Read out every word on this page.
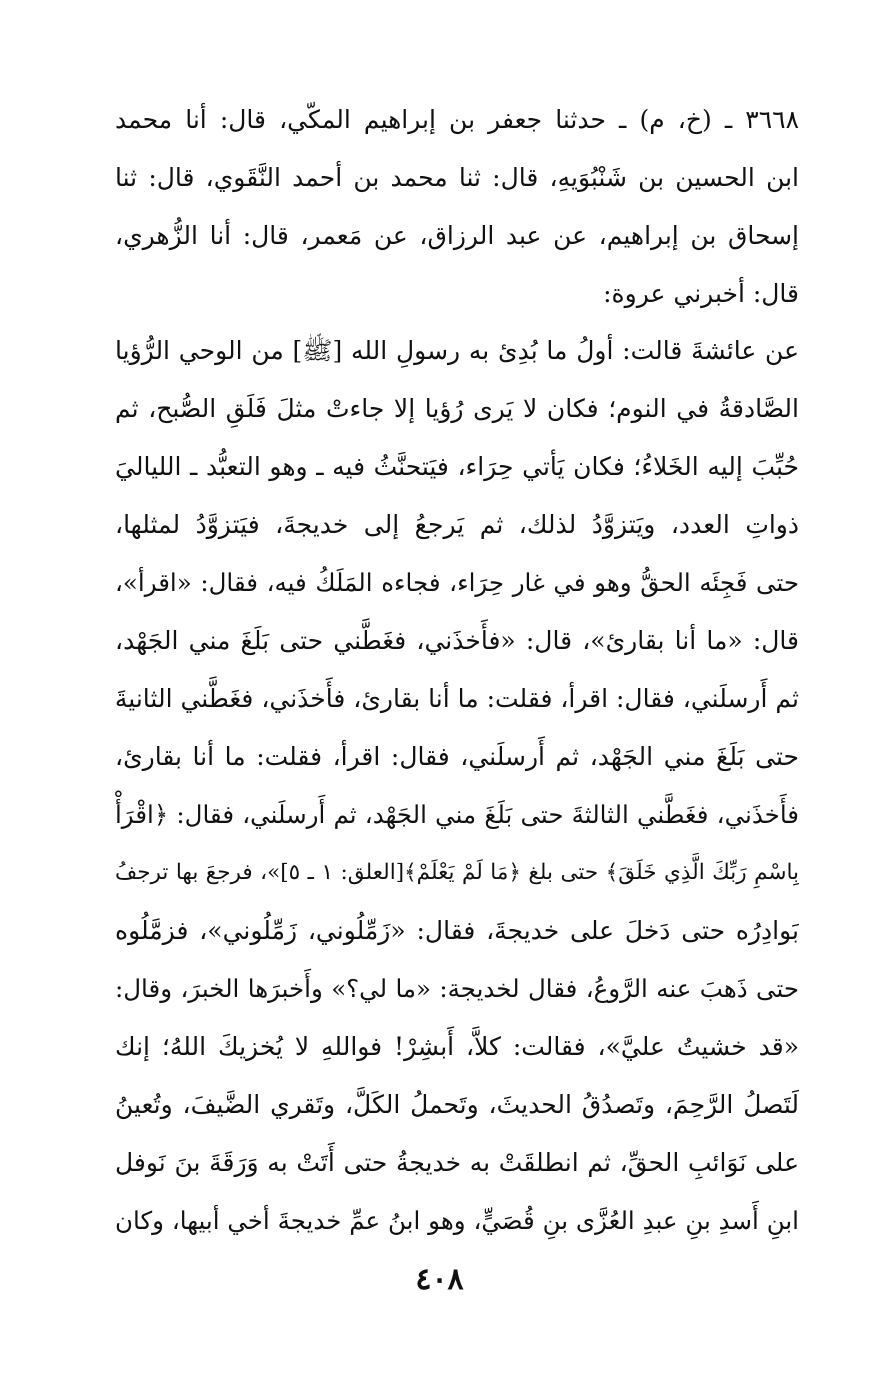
٣٦٦٨ ـ (خ، م) ـ حدثنا جعفر بن إبراهيم المكّي، قال: أنا محمد
ابن الحسين بن شَنْبُوَيهِ، قال: ثنا محمد بن أحمد النَّقَوي، قال: ثنا
إسحاق بن إبراهيم، عن عبد الرزاق، عن مَعمر، قال: أنا الزُّهري،
قال: أخبرني عروة:
عن عائشةَ قالت: أولُ ما بُدِئ به رسولِ الله [ﷺ] من الوحي الرُّؤيا
الصَّادقةُ في النوم؛ فكان لا يَرى رُؤيا إلا جاءتْ مثلَ فَلَقِ الصُّبح، ثم
حُبِّبَ إليه الخَلاءُ؛ فكان يَأتي حِرَاء، فيَتحنَّثُ فيه ـ وهو التعبُّد ـ اللياليَ
ذواتِ العدد، ويَتزوَّدُ لذلك، ثم يَرجعُ إلى خديجةَ، فيَتزوَّدُ لمثلها،
حتى فَجِئَه الحقُّ وهو في غار حِرَاء، فجاءه المَلَكُ فيه، فقال: «اقرأ»،
قال: «ما أنا بقارئ»، قال: «فأَخذَني، فغَطَّني حتى بَلَغَ مني الجَهْد،
ثم أَرسلَني، فقال: اقرأ، فقلت: ما أنا بقارئ، فأَخذَني، فغَطَّني الثانيةَ
حتى بَلَغَ مني الجَهْد، ثم أَرسلَني، فقال: اقرأ، فقلت: ما أنا بقارئ،
فأَخذَني، فغَطَّني الثالثةَ حتى بَلَغَ مني الجَهْد، ثم أَرسلَني، فقال: ﴿اقْرَأْ
بِاسْمِ رَبِّكَ الَّذِي خَلَقَ﴾ حتى بلغ ﴿مَا لَمْ يَعْلَمْ﴾[العلق: ١ ـ ٥]»، فرجعَ بها ترجفُ
بَوادِرُه حتى دَخلَ على خديجةَ، فقال: «زَمِّلُوني، زَمِّلُوني»، فزمَّلُوه
حتى ذَهبَ عنه الرَّوعُ، فقال لخديجة: «ما لي؟» وأَخبرَها الخبرَ، وقال:
«قد خشيتُ عليَّ»، فقالت: كلاَّ، أَبشِرْ! فواللهِ لا يُخزيكَ اللهُ؛ إنك
لَتَصلُ الرَّحِمَ، وتَصدُقُ الحديثَ، وتَحملُ الكَلَّ، وتَقري الضَّيفَ، وتُعينُ
على نَوَائبِ الحقِّ، ثم انطلقَتْ به خديجةُ حتى أَتَتْ به وَرَقَةَ بنَ نَوفل
ابنِ أَسدِ بنِ عبدِ العُزَّى بنِ قُصَيٍّ، وهو ابنُ عمِّ خديجةَ أخي أبيها، وكان
٤٠٨
